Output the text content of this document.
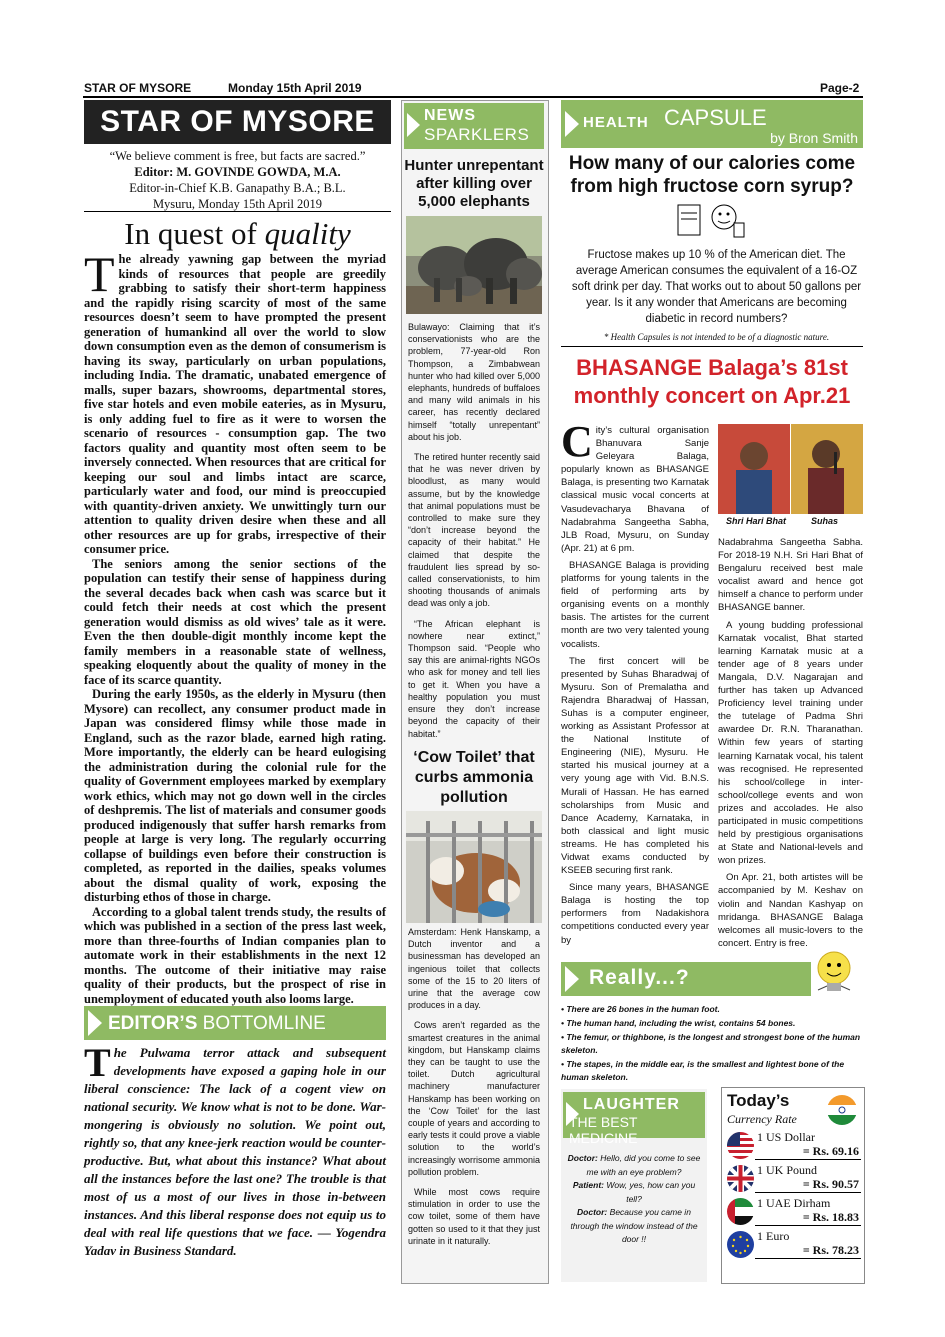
STAR OF MYSORE	Monday 15th April 2019	Page-2
STAR OF MYSORE
“We believe comment is free, but facts are sacred.”
Editor: M. GOVINDE GOWDA, M.A.
Editor-in-Chief K.B. Ganapathy B.A.; B.L.
Mysuru, Monday 15th April 2019
In quest of quality

The already yawning gap between the myriad kinds of resources that people are greedily grabbing to satisfy their short-term happiness and the rapidly rising scarcity of most of the same resources doesn’t seem to have prompted the present generation of humankind all over the world to slow down consumption even as the demon of consumerism is having its sway, particularly on urban populations, including India. The dramatic, unabated emergence of malls, super bazars, showrooms, departmental stores, five star hotels and even mobile eateries, as in Mysuru, is only adding fuel to fire as it were to worsen the scenario of resources - consumption gap. The two factors quality and quantity most often seem to be inversely connected. When resources that are critical for keeping our soul and limbs intact are scarce, particularly water and food, our mind is preoccupied with quantity-driven anxiety. We unwittingly turn our attention to quality driven desire when these and all other resources are up for grabs, irrespective of their consumer price.

The seniors among the senior sections of the population can testify their sense of happiness during the several decades back when cash was scarce but it could fetch their needs at cost which the present generation would dismiss as old wives’ tale as it were. Even the then double-digit monthly income kept the family members in a reasonable state of wellness, speaking eloquently about the quality of money in the face of its scarce quantity.

During the early 1950s, as the elderly in Mysuru (then Mysore) can recollect, any consumer product made in Japan was considered flimsy while those made in England, such as the razor blade, earned high rating. More importantly, the elderly can be heard eulogising the administration during the colonial rule for the quality of Government employees marked by exemplary work ethics, which may not go down well in the circles of deshpremis. The list of materials and consumer goods produced indigenously that suffer harsh remarks from people at large is very long. The regularly occurring collapse of buildings even before their construction is completed, as reported in the dailies, speaks volumes about the dismal quality of work, exposing the disturbing ethos of those in charge.

According to a global talent trends study, the results of which was published in a section of the press last week, more than three-fourths of Indian companies plan to automate work in their establishments in the next 12 months. The outcome of their initiative may raise quality of their products, but the prospect of rise in unemployment of educated youth also looms large.

EDITOR’S BOTTOMLINE
The Pulwama terror attack and subsequent developments have exposed a gaping hole in our liberal conscience: The lack of a cogent view on national security. We know what is not to be done. War-mongering is obviously no solution. We point out, rightly so, that any knee-jerk reaction would be counter-productive. But, what about this instance? What about all the instances before the last one? The trouble is that most of us a most of our lives in those in-between instances. And this liberal response does not equip us to deal with real life questions that we face. — Yogendra Yadav in Business Standard.
NEWS
SPARKLERS
Hunter unrepentant after killing over 5,000 elephants

Bulawayo: Claiming that it’s conservationists who are the problem, 77-year-old Ron Thompson, a Zimbabwean hunter who had killed over 5,000 elephants, hundreds of buffaloes and many wild animals in his career, has recently declared himself “totally unrepentant” about his job.

The retired hunter recently said that he was never driven by bloodlust, as many would assume, but by the knowledge that animal populations must be controlled to make sure they “don’t increase beyond the capacity of their habitat.” He claimed that despite the fraudulent lies spread by so-called conservationists, to him shooting thousands of animals dead was only a job.

“The African elephant is nowhere near extinct,” Thompson said. “People who say this are animal-rights NGOs who ask for money and tell lies to get it. When you have a healthy population you must ensure they don’t increase beyond the capacity of their habitat.”

‘Cow Toilet’ that curbs ammonia pollution

Amsterdam: Henk Hanskamp, a Dutch inventor and a businessman has developed an ingenious toilet that collects some of the 15 to 20 liters of urine that the average cow produces in a day.

Cows aren’t regarded as the smartest creatures in the animal kingdom, but Hanskamp claims they can be taught to use the toilet. Dutch agricultural machinery manufacturer Hanskamp has been working on the ‘Cow Toilet’ for the last couple of years and according to early tests it could prove a viable solution to the world’s increasingly worrisome ammonia pollution problem.

While most cows require stimulation in order to use the cow toilet, some of them have gotten so used to it that they just urinate in it naturally.

HEALTH CAPSULE
by Bron Smith
How many of our calories come from high fructose corn syrup?
Fructose makes up 10 % of the American diet. The average American consumes the equivalent of a 16-OZ soft drink per day. That works out to about 50 gallons per year. Is it any wonder that Americans are becoming diabetic in record numbers?
* Health Capsules is not intended to be of a diagnostic nature.
BHASANGE Balaga’s 81st monthly concert on Apr.21

City’s cultural organisation Bhanuvara Sanje Geleyara Balaga, popularly known as BHASANGE Balaga, is presenting two Karnatak classical music vocal concerts at Vasudevacharya Bhavana of Nadabrahma Sangeetha Sabha, JLB Road, Mysuru, on Sunday (Apr. 21) at 6 pm.

BHASANGE Balaga is providing platforms for young talents in the field of performing arts by organising events on a monthly basis. The artistes for the current month are two very talented young vocalists.

The first concert will be presented by Suhas Bharadwaj of Mysuru. Son of Premalatha and Rajendra Bharadwaj of Hassan, Suhas is a computer engineer, working as Assistant Professor at the National Institute of Engineering (NIE), Mysuru. He started his musical journey at a very young age with Vid. B.N.S. Murali of Hassan. He has earned scholarships from Music and Dance Academy, Karnataka, in both classical and light music streams. He has completed his Vidwat exams conducted by KSEEB securing first rank.

Since many years, BHASANGE Balaga is hosting the top performers from Nadakishora competitions conducted every year by

Shri Hari Bhat	Suhas

Nadabrahma Sangeetha Sabha. For 2018-19 N.H. Sri Hari Bhat of Bengaluru received best male vocalist award and hence got himself a chance to perform under BHASANGE banner.

A young budding professional Karnatak vocalist, Bhat started learning Karnatak music at a tender age of 8 years under Mangala, D.V. Nagarajan and further has taken up Advanced Proficiency level training under the tutelage of Padma Shri awardee Dr. R.N. Tharanathan. Within few years of starting learning Karnatak vocal, his talent was recognised. He represented his school/college in inter-school/college events and won prizes and accolades. He also participated in music competitions held by prestigious organisations at State and National-levels and won prizes.

On Apr. 21, both artistes will be accompanied by M. Keshav on violin and Nandan Kashyap on mridanga. BHASANGE Balaga welcomes all music-lovers to the concert. Entry is free.

Really...?
• There are 26 bones in the human foot.
• The human hand, including the wrist, contains 54 bones.
• The femur, or thighbone, is the longest and strongest bone of the human skeleton.
• The stapes, in the middle ear, is the smallest and lightest bone of the human skeleton.
LAUGHTER
THE BEST MEDICINE
Doctor: Hello, did you come to see me with an eye problem?
Patient: Wow, yes, how can you tell?
Doctor: Because you came in through the window instead of the door !!
Today’s
Currency Rate
1 US Dollar
= Rs. 69.16
1 UK Pound
= Rs. 90.57
1 UAE Dirham
= Rs. 18.83
1 Euro
= Rs. 78.23
